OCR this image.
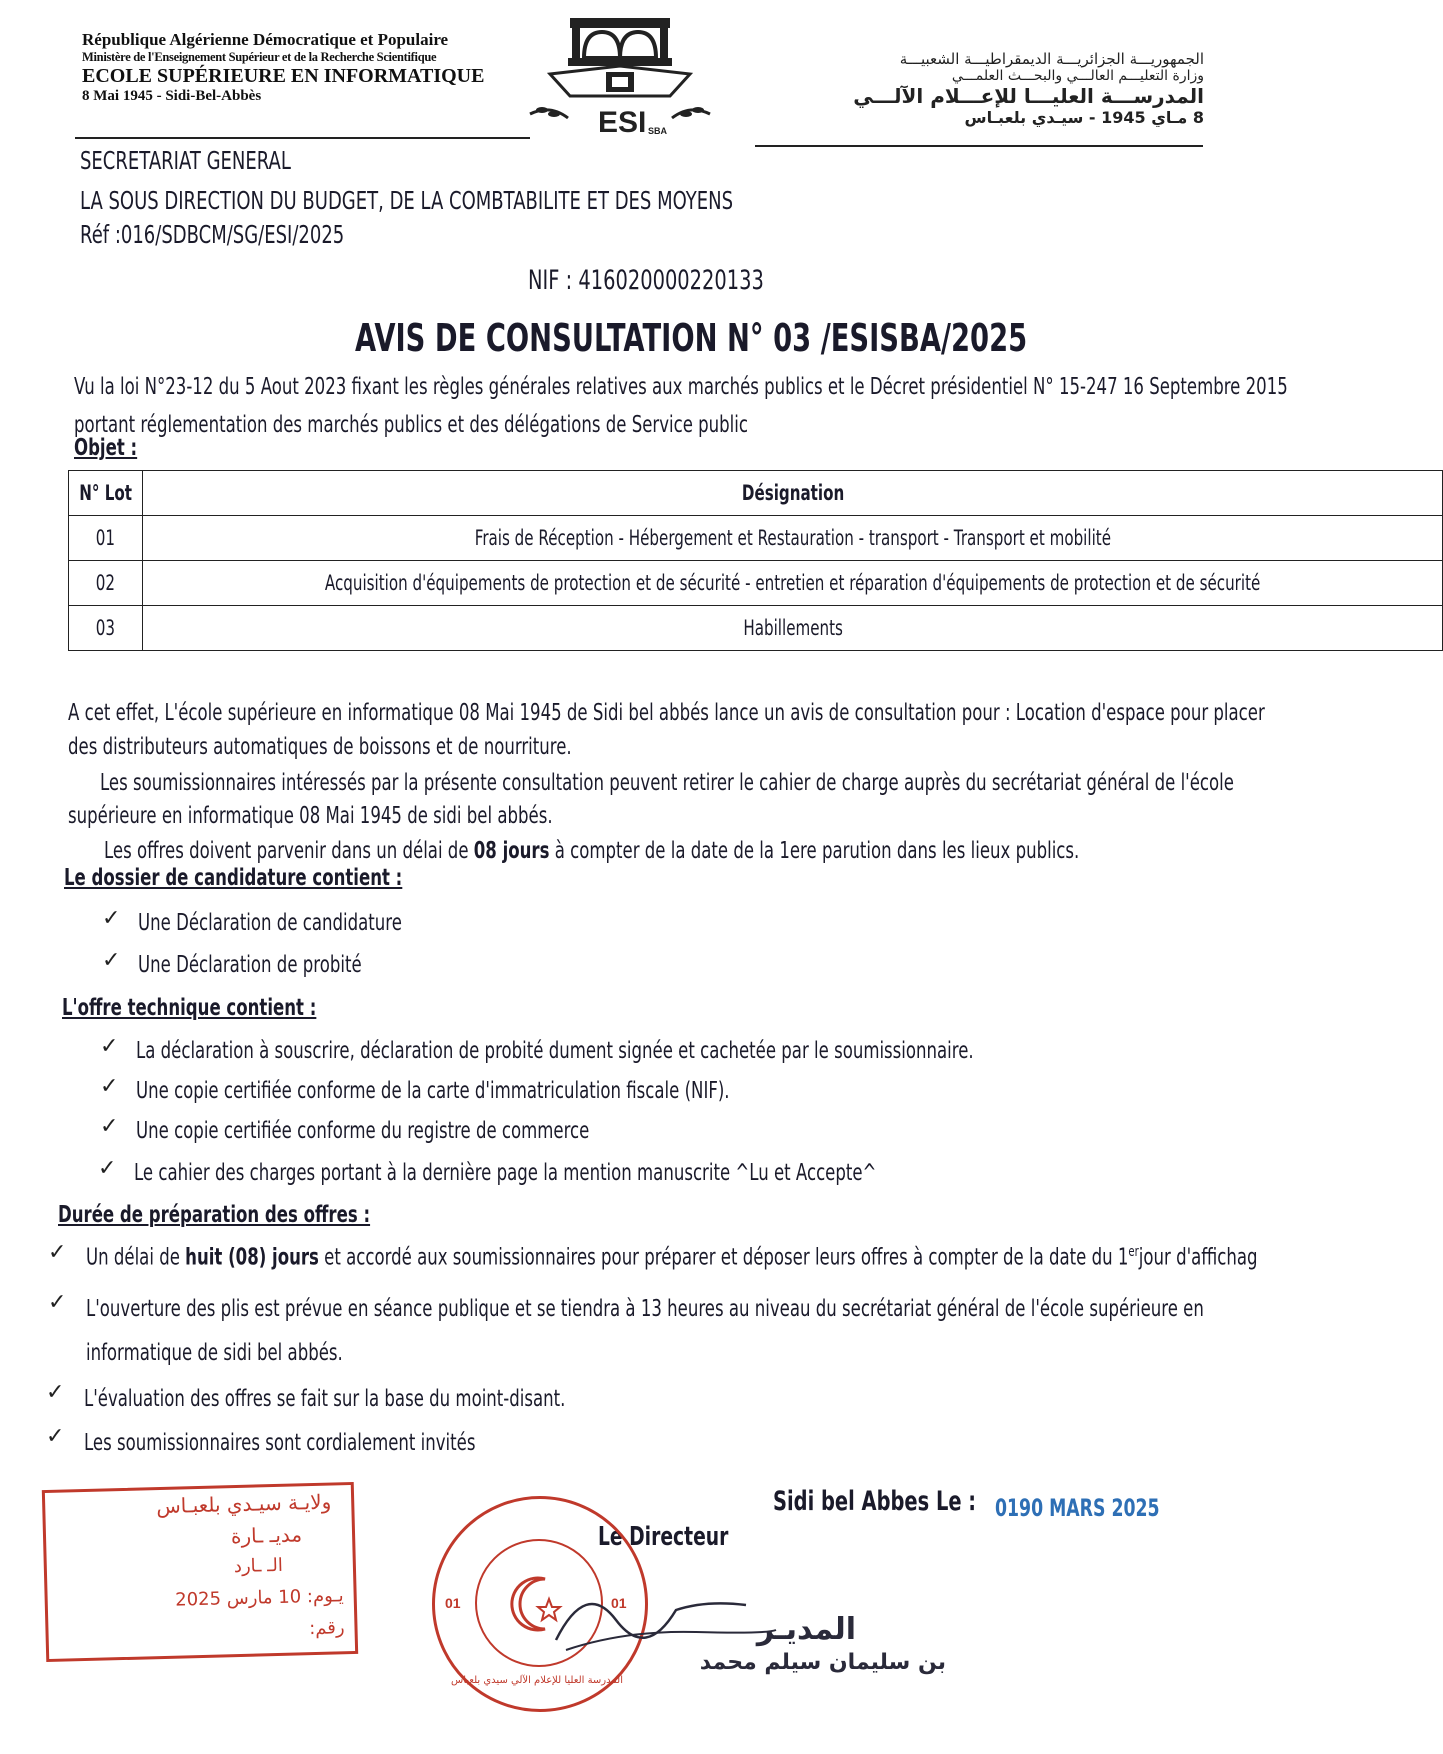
République Algérienne Démocratique et Populaire
Ministère de l'Enseignement Supérieur et de la Recherche Scientifique
ECOLE SUPÉRIEURE EN INFORMATIQUE
8 Mai 1945 - Sidi-Bel-Abbès
ESI SBA
الجمهوريـــة الجزائريـــة الديمقراطيـــة الشعبيـــة
وزارة التعليـــم العالـــي والبحـــث العلمـــي
المدرســـة العليـــا للإعـــلام الآلـــي
8 مـاي 1945 - سيـدي بلعبـاس
SECRETARIAT GENERAL
LA SOUS DIRECTION DU BUDGET, DE LA COMBTABILITE ET DES MOYENS
Réf :016/SDBCM/SG/ESI/2025
NIF : 416020000220133
AVIS DE CONSULTATION N° 03 /ESISBA/2025
Vu la loi N°23-12 du 5 Aout 2023 fixant les règles générales relatives aux marchés publics et le Décret présidentiel N° 15-247 16 Septembre 2015
portant réglementation des marchés publics et des délégations de Service public
Objet :
N° Lot	Désignation
01	Frais de Réception - Hébergement et Restauration - transport - Transport et mobilité
02	Acquisition d'équipements de protection et de sécurité - entretien et réparation d'équipements de protection et de sécurité
03	Habillements
A cet effet, L'école supérieure en informatique 08 Mai 1945 de Sidi bel abbés lance un avis de consultation pour : Location d'espace pour placer
des distributeurs automatiques de boissons et de nourriture.
Les soumissionnaires intéressés par la présente consultation peuvent retirer le cahier de charge auprès du secrétariat général de l'école
supérieure en informatique 08 Mai 1945 de sidi bel abbés.
Les offres doivent parvenir dans un délai de 08 jours à compter de la date de la 1ere parution dans les lieux publics.
Le dossier de candidature contient :
✓ Une Déclaration de candidature
✓ Une Déclaration de probité
L'offre technique contient :
✓ La déclaration à souscrire, déclaration de probité dument signée et cachetée par le soumissionnaire.
✓ Une copie certifiée conforme de la carte d'immatriculation fiscale (NIF).
✓ Une copie certifiée conforme du registre de commerce
✓ Le cahier des charges portant à la dernière page la mention manuscrite ^Lu et Accepte^
Durée de préparation des offres :
✓ Un délai de huit (08) jours et accordé aux soumissionnaires pour préparer et déposer leurs offres à compter de la date du 1erjour d'affichag
✓ L'ouverture des plis est prévue en séance publique et se tiendra à 13 heures au niveau du secrétariat général de l'école supérieure en
informatique de sidi bel abbés.
✓ L'évaluation des offres se fait sur la base du moint-disant.
✓ Les soumissionnaires sont cordialement invités
Sidi bel Abbes Le : 0190 MARS 2025
Le Directeur
ولايـة سيـدي بلعبـاس
مديـ ـارة
الـ ـارد
يـوم: 10 مارس 2025
رقم:
المدرسة العليا للإعلام الآلي سيدي بلعباس
01	01
المديـر
بن سليمان سيلم محمد
